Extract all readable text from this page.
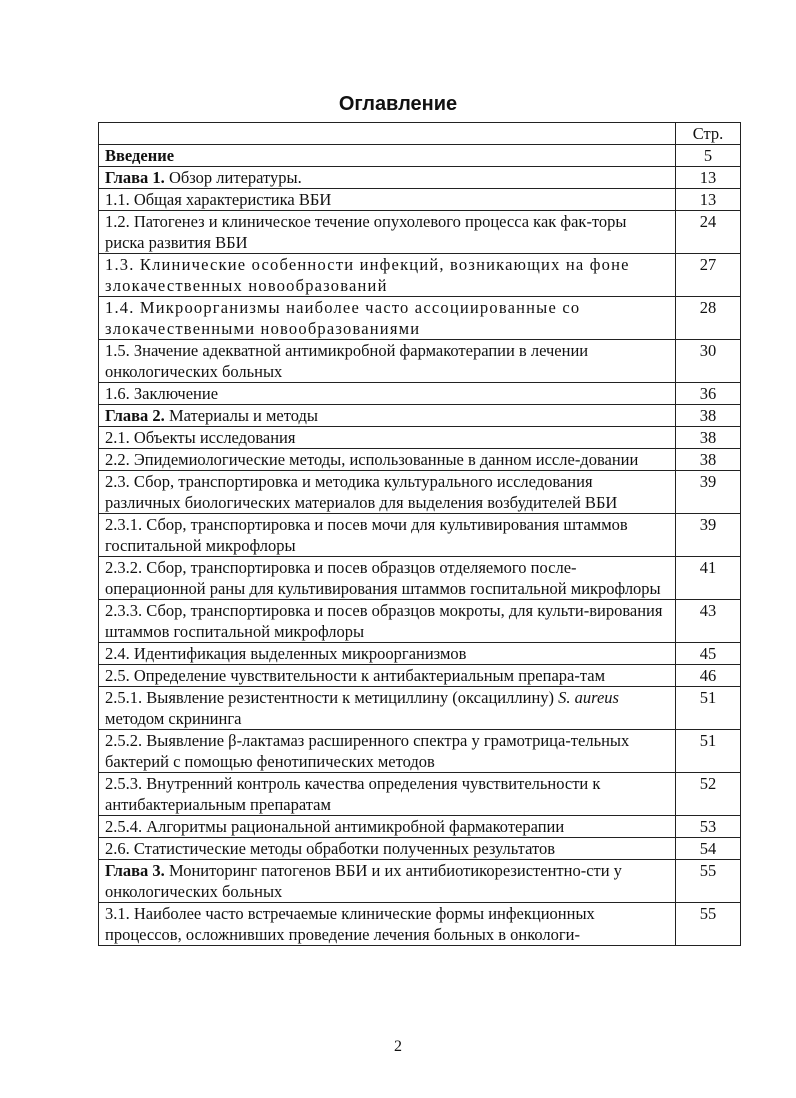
Оглавление
	Стр.
Введение	5
Глава 1. Обзор литературы.	13
1.1. Общая характеристика ВБИ	13
1.2. Патогенез и клиническое течение опухолевого процесса как фак-торы риска развития ВБИ	24
1.3. Клинические особенности инфекций, возникающих на фоне злокачественных новообразований	27
1.4. Микроорганизмы наиболее часто ассоциированные со злокачественными новообразованиями	28
1.5. Значение адекватной антимикробной фармакотерапии в лечении онкологических больных	30
1.6. Заключение	36
Глава 2. Материалы и методы	38
2.1. Объекты исследования	38
2.2. Эпидемиологические методы, использованные в данном иссле-довании	38
2.3. Сбор, транспортировка и методика культурального исследования различных биологических материалов для выделения возбудителей ВБИ	39
2.3.1. Сбор, транспортировка и посев мочи для культивирования штаммов госпитальной микрофлоры	39
2.3.2. Сбор, транспортировка и посев образцов отделяемого после-операционной раны для культивирования штаммов госпитальной микрофлоры	41
2.3.3. Сбор, транспортировка и посев образцов мокроты, для культи-вирования штаммов госпитальной микрофлоры	43
2.4. Идентификация выделенных микроорганизмов	45
2.5. Определение чувствительности к антибактериальным препара-там	46
2.5.1. Выявление резистентности к метициллину (оксациллину) S. aureus методом скрининга	51
2.5.2. Выявление β-лактамаз расширенного спектра у грамотрица-тельных бактерий с помощью фенотипических методов	51
2.5.3. Внутренний контроль качества определения чувствительности к антибактериальным препаратам	52
2.5.4. Алгоритмы рациональной антимикробной фармакотерапии	53
2.6. Статистические методы обработки полученных результатов	54
Глава 3. Мониторинг патогенов ВБИ и их антибиотикорезистентно-сти у онкологических больных	55
3.1. Наиболее часто встречаемые клинические формы инфекционных процессов, осложнивших проведение лечения больных в онкологи-	55
2
